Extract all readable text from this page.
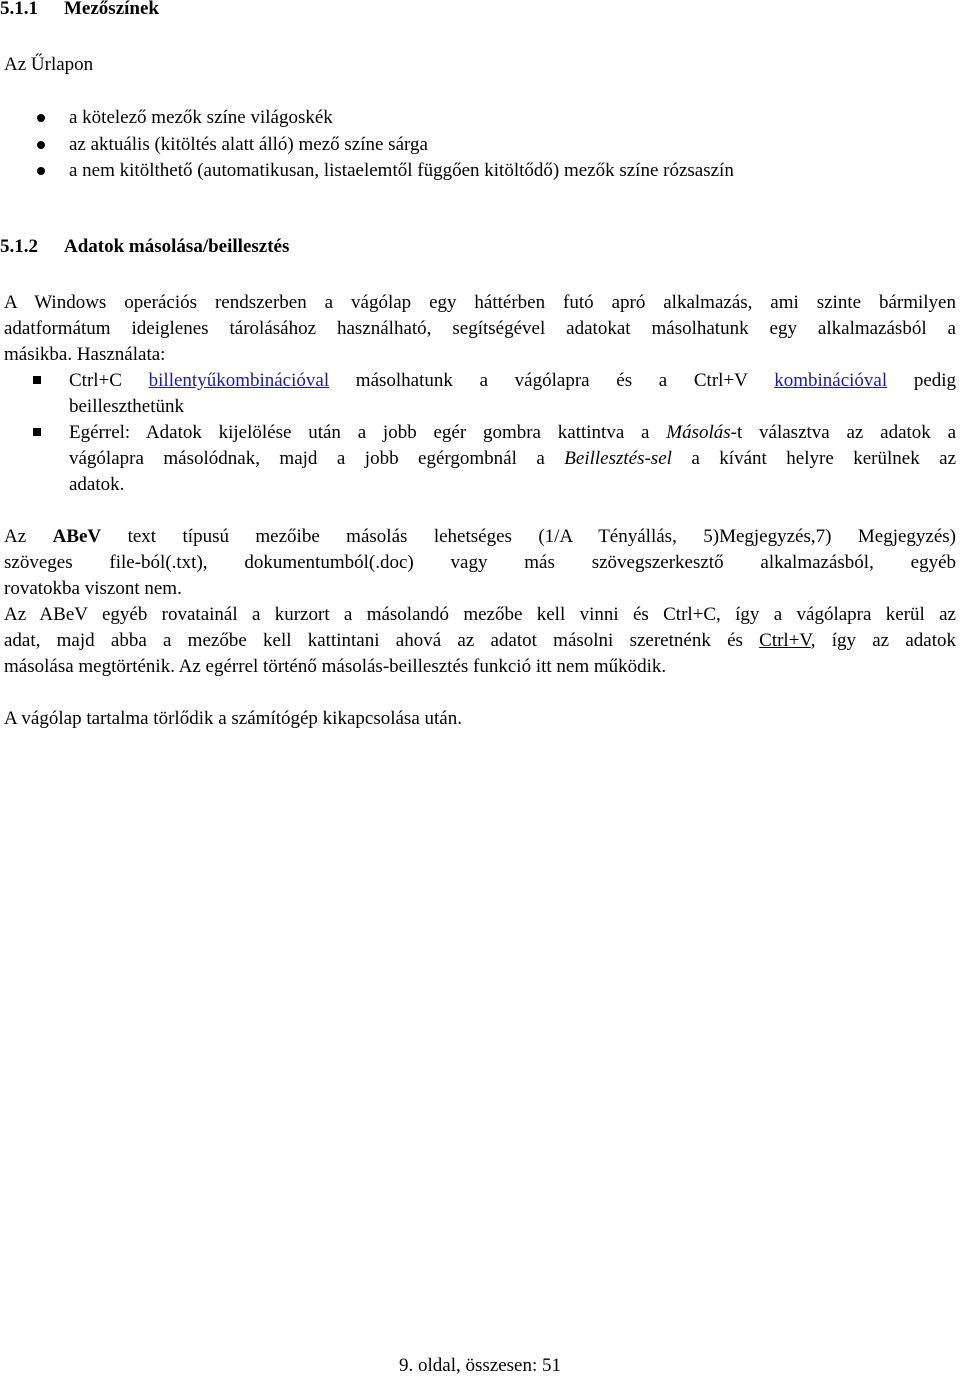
5.1.1 Mezőszínek
Az Űrlapon
a kötelező mezők színe világoskék
az aktuális (kitöltés alatt álló) mező színe sárga
a nem kitölthető (automatikusan, listaelemtől függően kitöltődő) mezők színe rózsaszín
5.1.2 Adatok másolása/beillesztés
A Windows operációs rendszerben a vágólap egy háttérben futó apró alkalmazás, ami szinte bármilyen
adatformátum ideiglenes tárolásához használható, segítségével adatokat másolhatunk egy alkalmazásból a
másikba. Használata:
Ctrl+C billentyűkombinációval másolhatunk a vágólapra és a Ctrl+V kombinációval pedig
beilleszthetünk
Egérrel: Adatok kijelölése után a jobb egér gombra kattintva a Másolás-t választva az adatok a
vágólapra másolódnak, majd a jobb egérgombnál a Beillesztés-sel a kívánt helyre kerülnek az
adatok.
Az ABeV text típusú mezőibe másolás lehetséges (1/A Tényállás, 5)Megjegyzés,7) Megjegyzés)
szöveges file-ból(.txt), dokumentumból(.doc) vagy más szövegszerkesztő alkalmazásból, egyéb
rovatokba viszont nem.
Az ABeV egyéb rovatainál a kurzort a másolandó mezőbe kell vinni és Ctrl+C, így a vágólapra kerül az
adat, majd abba a mezőbe kell kattintani ahová az adatot másolni szeretnénk és Ctrl+V, így az adatok
másolása megtörténik. Az egérrel történő másolás-beillesztés funkció itt nem működik.
A vágólap tartalma törlődik a számítógép kikapcsolása után.
9. oldal, összesen: 51
